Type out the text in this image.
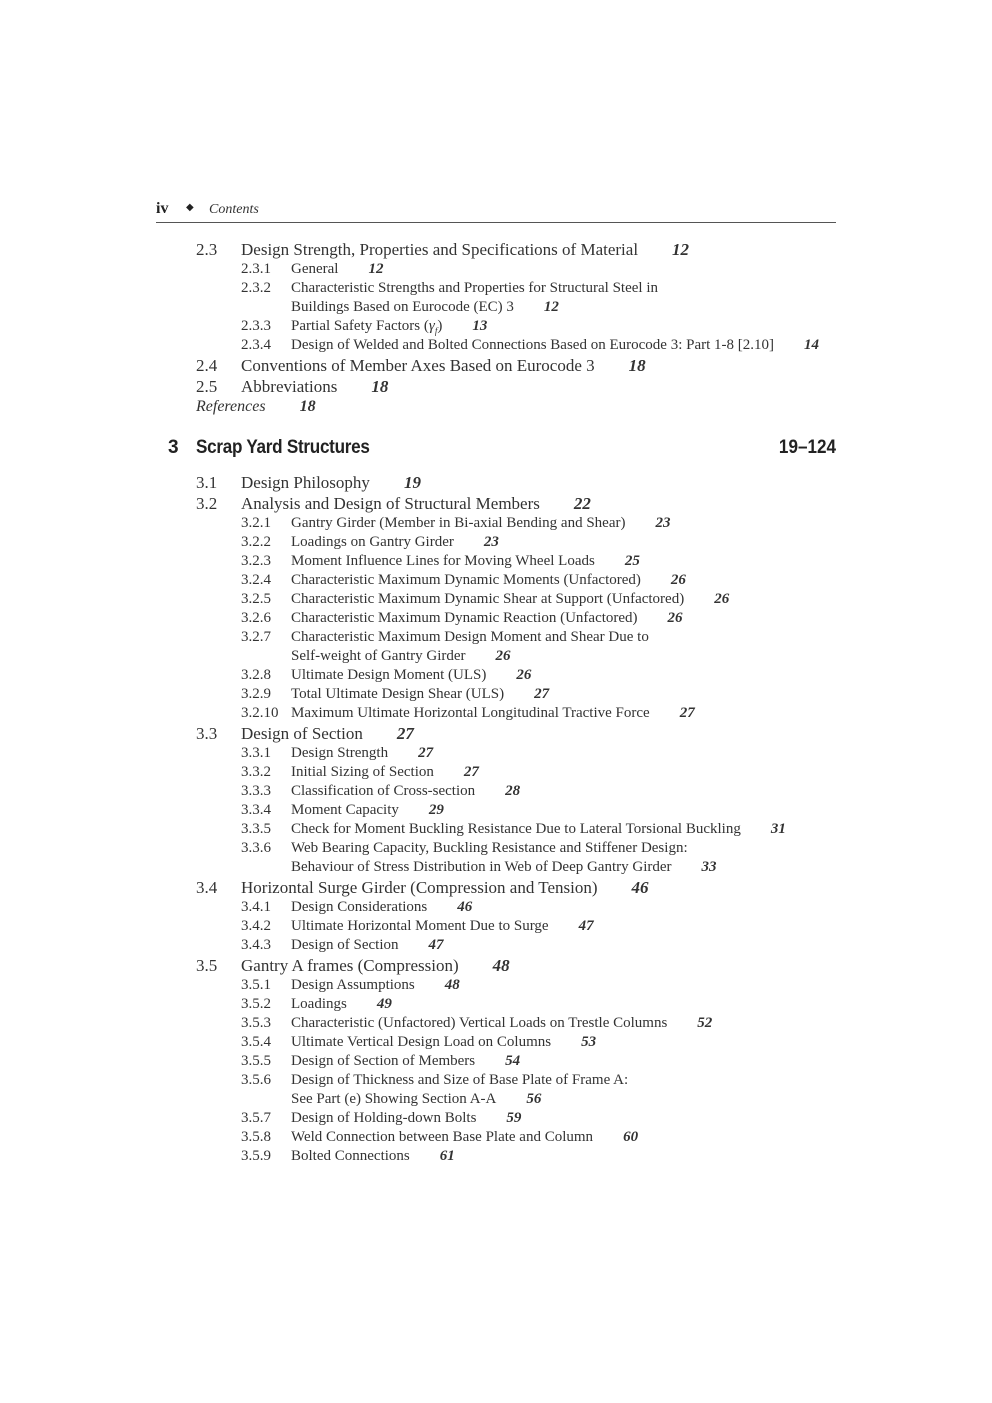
iv ◆ Contents
2.3 Design Strength, Properties and Specifications of Material 12
2.3.1 General 12
2.3.2 Characteristic Strengths and Properties for Structural Steel in
Buildings Based on Eurocode (EC) 3 12
2.3.3 Partial Safety Factors $(\gamma_f)$ 13
2.3.4 Design of Welded and Bolted Connections Based on Eurocode 3: Part 1-8 [2.10] 14
2.4 Conventions of Member Axes Based on Eurocode 3 18
2.5 Abbreviations 18
References 18
3 Scrap Yard Structures	19–124
3.1 Design Philosophy 19
3.2 Analysis and Design of Structural Members 22
3.2.1 Gantry Girder (Member in Bi-axial Bending and Shear) 23
3.2.2 Loadings on Gantry Girder 23
3.2.3 Moment Influence Lines for Moving Wheel Loads 25
3.2.4 Characteristic Maximum Dynamic Moments (Unfactored) 26
3.2.5 Characteristic Maximum Dynamic Shear at Support (Unfactored) 26
3.2.6 Characteristic Maximum Dynamic Reaction (Unfactored) 26
3.2.7 Characteristic Maximum Design Moment and Shear Due to
Self-weight of Gantry Girder 26
3.2.8 Ultimate Design Moment (ULS) 26
3.2.9 Total Ultimate Design Shear (ULS) 27
3.2.10 Maximum Ultimate Horizontal Longitudinal Tractive Force 27
3.3 Design of Section 27
3.3.1 Design Strength 27
3.3.2 Initial Sizing of Section 27
3.3.3 Classification of Cross-section 28
3.3.4 Moment Capacity 29
3.3.5 Check for Moment Buckling Resistance Due to Lateral Torsional Buckling 31
3.3.6 Web Bearing Capacity, Buckling Resistance and Stiffener Design:
Behaviour of Stress Distribution in Web of Deep Gantry Girder 33
3.4 Horizontal Surge Girder (Compression and Tension) 46
3.4.1 Design Considerations 46
3.4.2 Ultimate Horizontal Moment Due to Surge 47
3.4.3 Design of Section 47
3.5 Gantry A frames (Compression) 48
3.5.1 Design Assumptions 48
3.5.2 Loadings 49
3.5.3 Characteristic (Unfactored) Vertical Loads on Trestle Columns 52
3.5.4 Ultimate Vertical Design Load on Columns 53
3.5.5 Design of Section of Members 54
3.5.6 Design of Thickness and Size of Base Plate of Frame A:
See Part (e) Showing Section A-A 56
3.5.7 Design of Holding-down Bolts 59
3.5.8 Weld Connection between Base Plate and Column 60
3.5.9 Bolted Connections 61
